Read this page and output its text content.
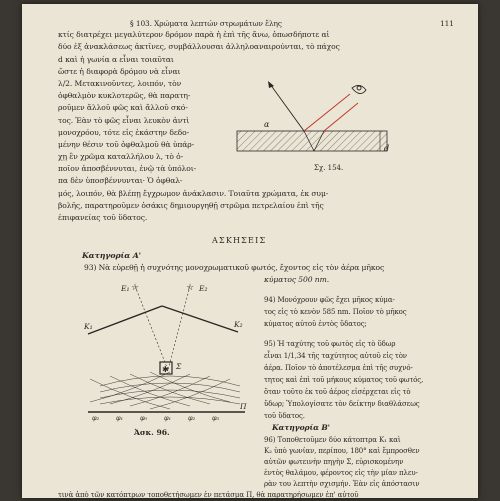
§ 103. Χρώματα λεπτών στρωμάτων ἔλης	111
κτίς διατρέχει μεγαλύτερον δρόμον παρὰ ἡ ἐπὶ τῆς ἄνω, ὁπωσδήποτε αἱ
δύο ἐξ ἀνακλάσεως ἀκτῖνες, συμβάλλουσαι ἀλληλοαναιρούνται, τὸ πάχος
d καὶ ἡ γωνία α εἶναι τοιαῦται
ὥστε ἡ διαφορὰ δρόμου νὰ εἶναι
λ/2. Μετακινοῦντες, λοιπόν, τὸν
ὀφθαλμὸν κυκλοτερῶς, θὰ παρατη-
ροῦμεν ἄλλοῦ φῶς καὶ ἄλλοῦ σκό-
τος. Ἐὰν τὸ φῶς εἶναι λευκὸν ἀντὶ
μονοχρόου, τότε εἰς ἑκάστην δεδο-
μένην θέσιν τοῦ ὀφθαλμοῦ θὰ ὑπάρ-
χῃ ἓν χρῶμα καταλλήλου λ, τὸ ὁ-
ποῖον ἀποσβέννυται, ἐνῷ τὰ ὑπόλοι-
πα δὲν ὑποσβέννυνται· Ὁ ὀφθαλ-
μός, λοιπόν, θὰ βλέπῃ ἔγχρωμον ἀνάκλασιν. Τοιαῦτα χρώματα, ἐκ συμ-
βολῆς, παρατηροῦμεν ὁσάκις δημιουργηθῇ στρῶμα πετρελαίου ἐπὶ τῆς
ἐπιφανείας τοῦ ὕδατος.
α
d
Σχ. 154.
ΑΣΚΗΣΕΙΣ
Κατηγορία Α'
93) Νὰ εὑρεθῇ ἡ συχνότης μονοχρωματικοῦ φωτός, ἔχοντος εἰς τὸν ἀέρα μῆκος
κύματος 500 nm.
94) Μονόχρουν φῶς ἔχει μῆκος κύμα-
τος εἰς τὸ κενὸν 585 nm. Ποῖον τὸ μῆκος
κύματος αὐτοῦ ἐντὸς ὕδατος;
95) Ἡ ταχύτης τοῦ φωτὸς εἰς τὸ ὕδωρ
εἶναι 1/1,34 τῆς ταχύτητος αὐτοῦ εἰς τὸν
ἀέρα. Ποῖον τὸ ἀποτέλεσμα ἐπὶ τῆς συχνό-
τητος καὶ ἐπὶ τοῦ μήκους κύματος τοῦ φωτός,
ὅταν τοῦτο ἐκ τοῦ ἀέρος εἰσέρχεται εἰς τὸ
ὕδωρ; Ὑπολογίσατε τὸν δείκτην διαθλάσεως
τοῦ ὕδατος.
☆	☆
✱
E₁	E₂
K₁	K₂
Σ
Π
φ₂	φ₁	φ₀	φ₁	φ₂	φ₃
Ἀσκ. 96.
Κατηγορία Β'
96) Τοποθετοῦμεν δύο κάτοπτρα K₁ καὶ
K₂ ὑπὸ γωνίαν, περίπου, 180° καὶ ἔμπροσθεν
αὐτῶν φωτεινὴν πηγὴν Σ, εὐρισκομένην
ἐντὸς θαλάμου, φέροντος εἰς τὴν μίαν πλευ-
ρὰν του λεπτὴν σχισμήν. Ἐὰν εἰς ἀπόστασιν
τινὰ ἀπὸ τῶν κατόπτρων τοποθετήσωμεν ἐν πετάσμα Π, θὰ παρατηρήσωμεν ἐπ' αὐτοῦ
